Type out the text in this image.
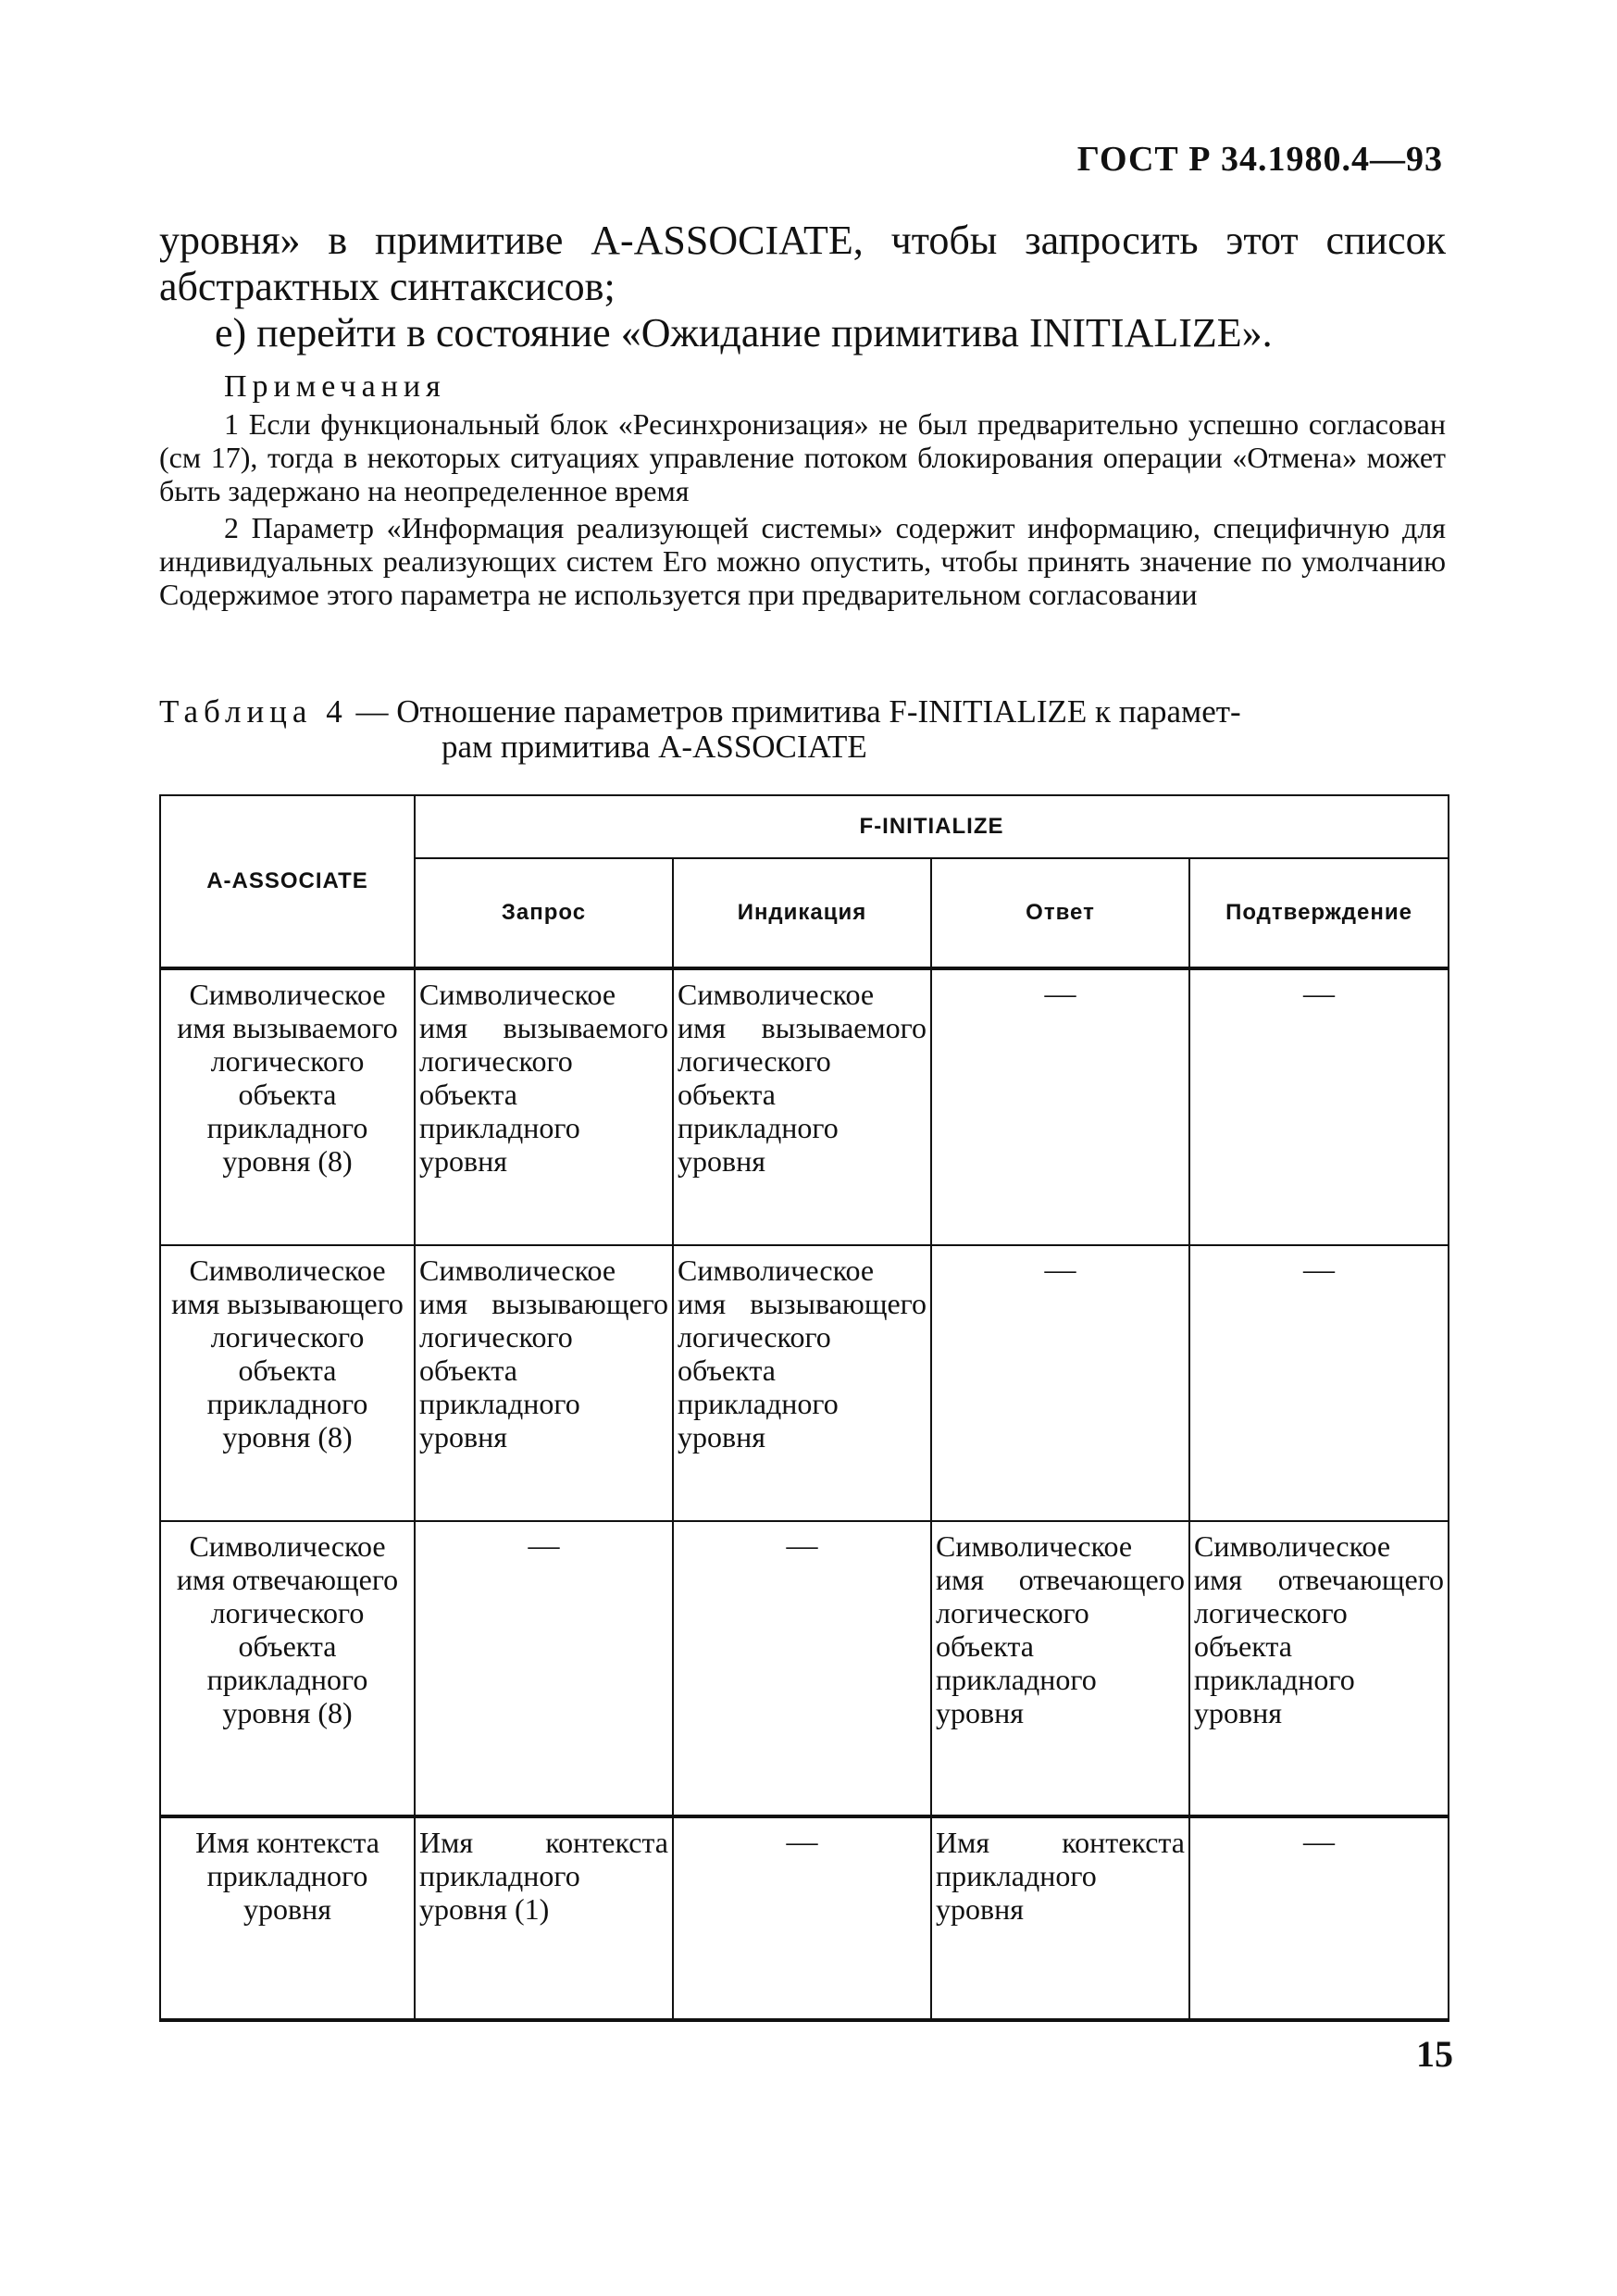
ГОСТ Р 34.1980.4—93

уровня» в примитиве A-ASSOCIATE, чтобы запросить этот список абстрактных синтаксисов;

е) перейти в состояние «Ожидание примитива INITIALIZE».

Примечания

1 Если функциональный блок «Ресинхронизация» не был предварительно успешно согласован (см 17), тогда в некоторых ситуациях управление потоком блокирования операции «Отмена» может быть задержано на неопределенное время

2 Параметр «Информация реализующей системы» содержит информацию, специфичную для индивидуальных реализующих систем Его можно опустить, чтобы принять значение по умолчанию Содержимое этого параметра не используется при предварительном согласовании

Таблица 4 — Отношение параметров примитива F-INITIALIZE к парамет-
рам примитива A-ASSOCIATE
A-ASSOCIATE	F-INITIALIZE			
	Запрос	Индикация	Ответ	Подтверждение
Символическое имя вызываемого логического объекта прикладного уровня (8)	Символическое имя вызываемого логического объекта прикладного уровня	Символическое имя вызываемого логического объекта прикладного уровня	—	—
Символическое имя вызывающего логического объекта прикладного уровня (8)	Символическое имя вызывающего логического объекта прикладного уровня	Символическое имя вызывающего логического объекта прикладного уровня	—	—
Символическое имя отвечающего логического объекта прикладного уровня (8)	—	—	Символическое имя отвечающего логического объекта прикладного уровня	Символическое имя отвечающего логического объекта прикладного уровня
Имя контекста прикладного уровня	Имя контекста прикладного уровня (1)	—	Имя контекста прикладного уровня	—
15
